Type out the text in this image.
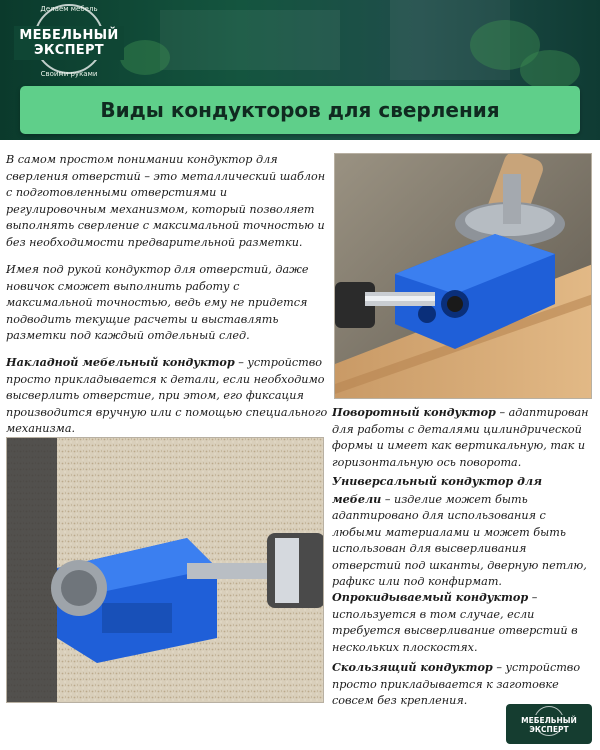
Делаем мебель
МЕБЕЛЬНЫЙ
ЭКСПЕРТ
Своими руками
Виды кондукторов для сверления

В самом простом понимании кондуктор для сверления отверстий – это металлический шаблон с подготовленными отверстиями и регулировочным механизмом, который позволяет выполнять сверление с максимальной точностью и без необходимости предварительной разметки.

Имея под рукой кондуктор для отверстий, даже новичок сможет выполнить работу с максимальной точностью, ведь ему не придется подводить текущие расчеты и выставлять разметки под каждый отдельный след.

Накладной мебельный кондуктор – устройство просто прикладывается к детали, если необходимо высверлить отверстие, при этом, его фиксация производится вручную или с помощью специального механизма.

Поворотный кондуктор – адаптирован для работы с деталями цилиндрической формы и имеет как вертикальную, так и горизонтальную ось поворота.

Универсальный кондуктор для мебели – изделие может быть адаптировано для использования с любыми материалами и может быть использован для высверливания отверстий под шканты, дверную петлю, рафикс или под конфирмат.

Опрокидываемый кондуктор – используется в том случае, если требуется высверливание отверстий в нескольких плоскостях.

Скользящий кондуктор – устройство просто прикладывается к заготовке совсем без крепления.

МЕБЕЛЬНЫЙ
ЭКСПЕРТ
